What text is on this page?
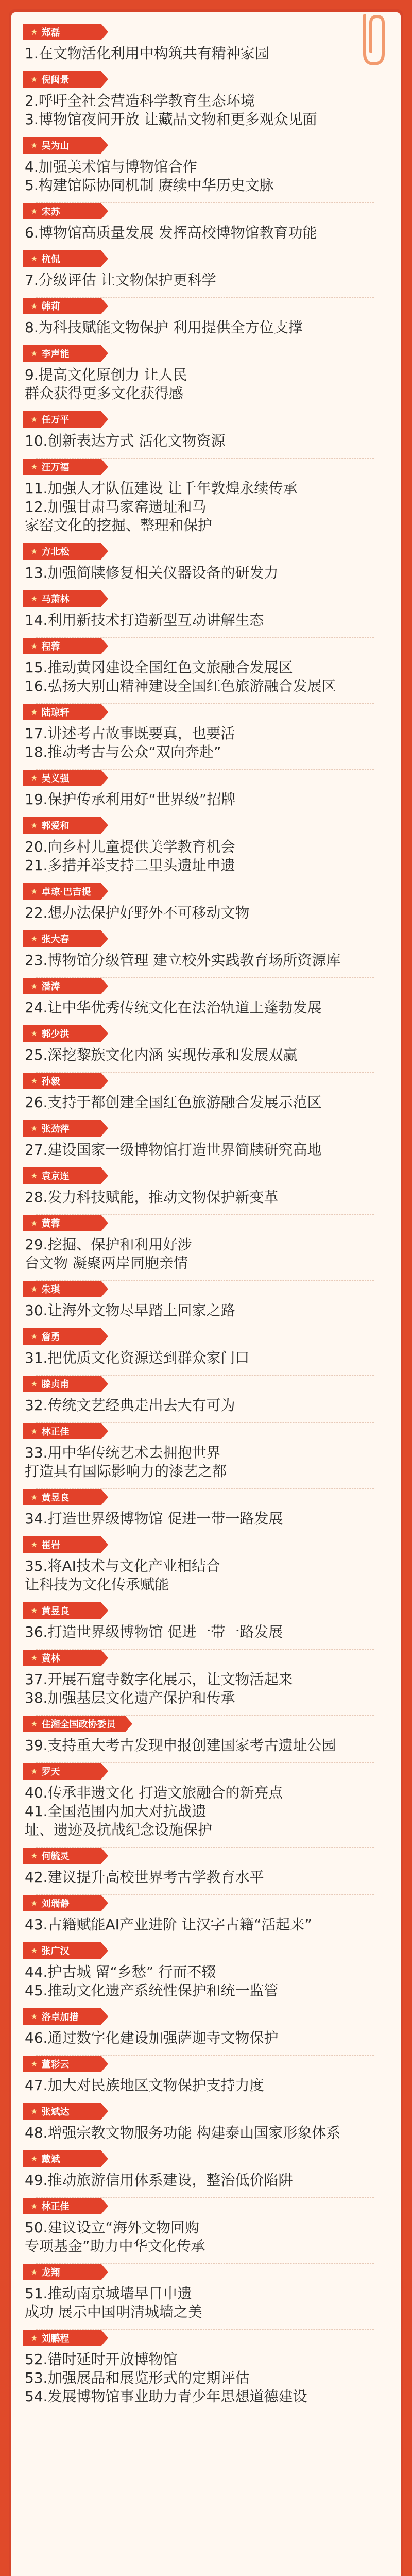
★ 郑磊
1.在文物活化利用中构筑共有精神家园
★ 倪闽景
2.呼吁全社会营造科学教育生态环境
3.博物馆夜间开放 让藏品文物和更多观众见面
★ 吴为山
4.加强美术馆与博物馆合作
5.构建馆际协同机制 赓续中华历史文脉
★ 宋苏
6.博物馆高质量发展 发挥高校博物馆教育功能
★ 杭侃
7.分级评估 让文物保护更科学
★ 韩莉
8.为科技赋能文物保护 利用提供全方位支撑
★ 李声能
9.提高文化原创力 让人民
群众获得更多文化获得感
★ 任万平
10.创新表达方式 活化文物资源
★ 汪万福
11.加强人才队伍建设 让千年敦煌永续传承
12.加强甘肃马家窑遗址和马
家窑文化的挖掘、整理和保护
★ 方北松
13.加强简牍修复相关仪器设备的研发力
★ 马萧林
14.利用新技术打造新型互动讲解生态
★ 程蓉
15.推动黄冈建设全国红色文旅融合发展区
16.弘扬大别山精神建设全国红色旅游融合发展区
★ 陆琼轩
17.讲述考古故事既要真，也要活
18.推动考古与公众“双向奔赴”
★ 吴义强
19.保护传承利用好“世界级”招牌
★ 郭爱和
20.向乡村儿童提供美学教育机会
21.多措并举支持二里头遗址申遗
★ 卓琼·巴吉提
22.想办法保护好野外不可移动文物
★ 张大春
23.博物馆分级管理 建立校外实践教育场所资源库
★ 潘涛
24.让中华优秀传统文化在法治轨道上蓬勃发展
★ 郭少洪
25.深挖黎族文化内涵 实现传承和发展双赢
★ 孙毅
26.支持于都创建全国红色旅游融合发展示范区
★ 张劲萍
27.建设国家一级博物馆打造世界简牍研究高地
★ 袁京连
28.发力科技赋能，推动文物保护新变革
★ 黄蓉
29.挖掘、保护和利用好涉
台文物 凝聚两岸同胞亲情
★ 朱琪
30.让海外文物尽早踏上回家之路
★ 詹勇
31.把优质文化资源送到群众家门口
★ 滕贞甫
32.传统文艺经典走出去大有可为
★ 林正佳
33.用中华传统艺术去拥抱世界
打造具有国际影响力的漆艺之都
★ 黄昱良
34.打造世界级博物馆 促进一带一路发展
★ 崔岩
35.将AI技术与文化产业相结合
让科技为文化传承赋能
★ 黄昱良
36.打造世界级博物馆 促进一带一路发展
★ 黄林
37.开展石窟寺数字化展示，让文物活起来
38.加强基层文化遗产保护和传承
★ 住湘全国政协委员
39.支持重大考古发现申报创建国家考古遗址公园
★ 罗天
40.传承非遗文化 打造文旅融合的新亮点
41.全国范围内加大对抗战遗
址、遗迹及抗战纪念设施保护
★ 何毓灵
42.建议提升高校世界考古学教育水平
★ 刘瑞静
43.古籍赋能AI产业进阶 让汉字古籍“活起来”
★ 张广汉
44.护古城 留“乡愁” 行而不辍
45.推动文化遗产系统性保护和统一监管
★ 洛卓加措
46.通过数字化建设加强萨迦寺文物保护
★ 董彩云
47.加大对民族地区文物保护支持力度
★ 张斌达
48.增强宗教文物服务功能 构建泰山国家形象体系
★ 戴斌
49.推动旅游信用体系建设，整治低价陷阱
★ 林正佳
50.建议设立“海外文物回购
专项基金”助力中华文化传承
★ 龙翔
51.推动南京城墙早日申遗
成功 展示中国明清城墙之美
★ 刘鹏程
52.错时延时开放博物馆
53.加强展品和展览形式的定期评估
54.发展博物馆事业助力青少年思想道德建设
